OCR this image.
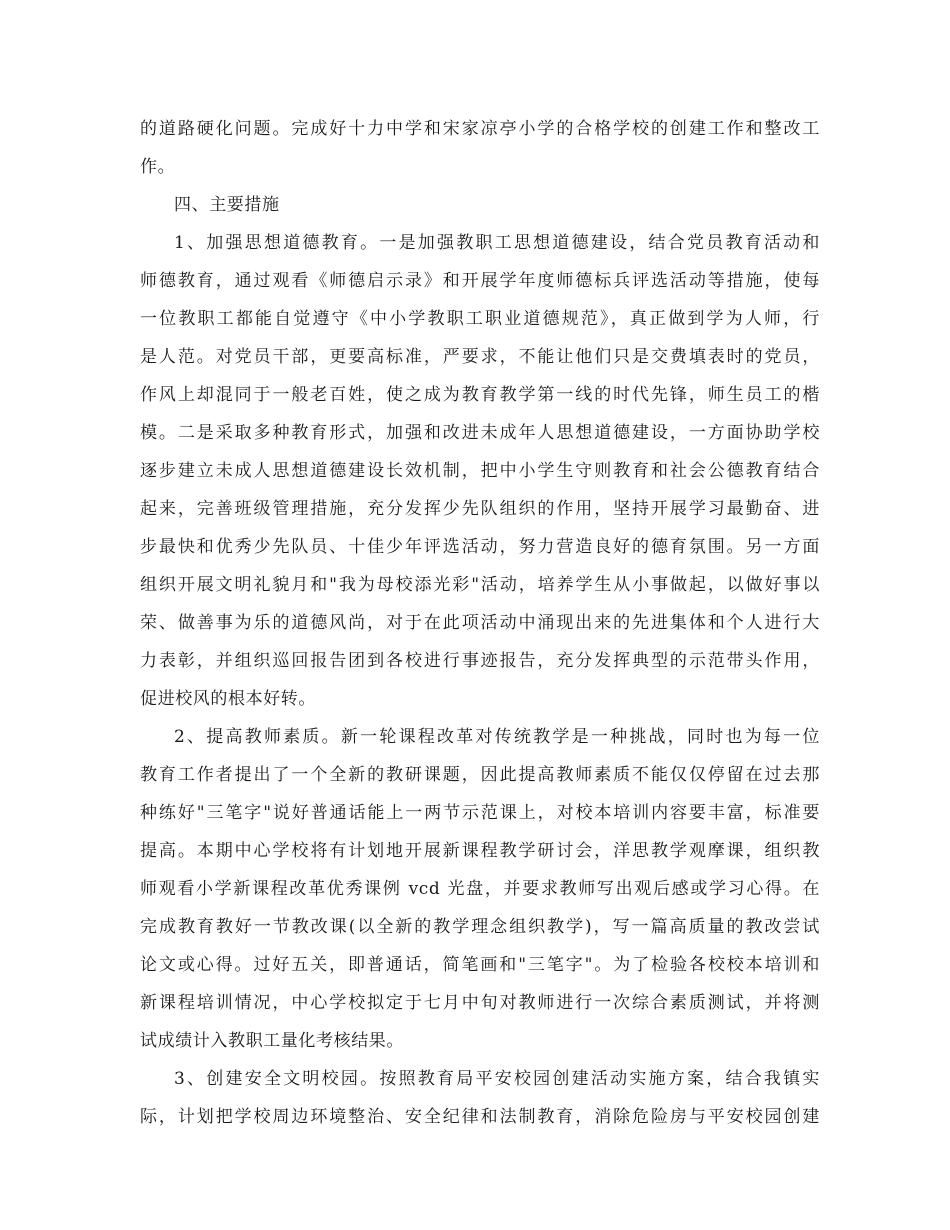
的道路硬化问题。完成好十力中学和宋家凉亭小学的合格学校的创建工作和整改工

作。

四、主要措施

1、加强思想道德教育。一是加强教职工思想道德建设，结合党员教育活动和

师德教育，通过观看《师德启示录》和开展学年度师德标兵评选活动等措施，使每

一位教职工都能自觉遵守《中小学教职工职业道德规范》，真正做到学为人师，行

是人范。对党员干部，更要高标准，严要求，不能让他们只是交费填表时的党员，

作风上却混同于一般老百姓，使之成为教育教学第一线的时代先锋，师生员工的楷

模。二是采取多种教育形式，加强和改进未成年人思想道德建设，一方面协助学校

逐步建立未成人思想道德建设长效机制，把中小学生守则教育和社会公德教育结合

起来，完善班级管理措施，充分发挥少先队组织的作用，坚持开展学习最勤奋、进

步最快和优秀少先队员、十佳少年评选活动，努力营造良好的德育氛围。另一方面

组织开展文明礼貌月和"我为母校添光彩"活动，培养学生从小事做起，以做好事以

荣、做善事为乐的道德风尚，对于在此项活动中涌现出来的先进集体和个人进行大

力表彰，并组织巡回报告团到各校进行事迹报告，充分发挥典型的示范带头作用，

促进校风的根本好转。

2、提高教师素质。新一轮课程改革对传统教学是一种挑战，同时也为每一位

教育工作者提出了一个全新的教研课题，因此提高教师素质不能仅仅停留在过去那

种练好"三笔字"说好普通话能上一两节示范课上，对校本培训内容要丰富，标准要

提高。本期中心学校将有计划地开展新课程教学研讨会，洋思教学观摩课，组织教

师观看小学新课程改革优秀课例 vcd 光盘，并要求教师写出观后感或学习心得。在

完成教育教好一节教改课(以全新的教学理念组织教学)，写一篇高质量的教改尝试

论文或心得。过好五关，即普通话，简笔画和"三笔字"。为了检验各校校本培训和

新课程培训情况，中心学校拟定于七月中旬对教师进行一次综合素质测试，并将测

试成绩计入教职工量化考核结果。

3、创建安全文明校园。按照教育局平安校园创建活动实施方案，结合我镇实

际，计划把学校周边环境整治、安全纪律和法制教育，消除危险房与平安校园创建
